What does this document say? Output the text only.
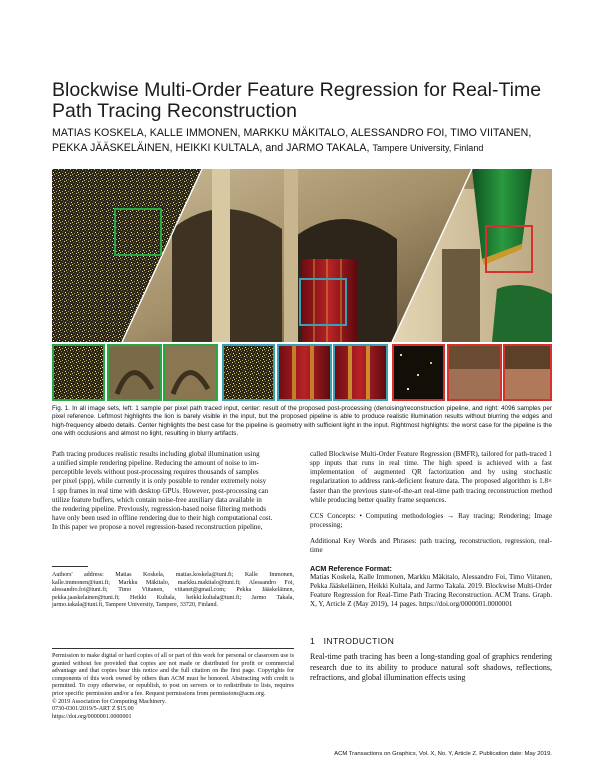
Blockwise Multi-Order Feature Regression for Real-Time Path Tracing Reconstruction
MATIAS KOSKELA, KALLE IMMONEN, MARKKU MÄKITALO, ALESSANDRO FOI, TIMO VIITANEN,
PEKKA JÄÄSKELÄINEN, HEIKKI KULTALA, and JARMO TAKALA, Tampere University, Finland
Fig. 1. In all image sets, left: 1 sample per pixel path traced input, center: result of the proposed post-processing (denoising/reconstruction pipeline, and right: 4096 samples per pixel reference. Leftmost highlights the lion is barely visible in the input, but the proposed pipeline is able to produce realistic illumination results without blurring the edges and high-frequency albedo details. Center highlights the best case for the pipeline is geometry with sufficient light in the input. Rightmost highlights: the worst case for the pipeline is the one with occlusions and almost no light, resulting in blurry artifacts.
Path tracing produces realistic results including global illumination using
a unified simple rendering pipeline. Reducing the amount of noise to im-
perceptible levels without post-processing requires thousands of samples
per pixel (spp), while currently it is only possible to render extremely noisy
1 spp frames in real time with desktop GPUs. However, post-processing can
utilize feature buffers, which contain noise-free auxiliary data available in
the rendering pipeline. Previously, regression-based noise filtering methods
have only been used in offline rendering due to their high computational cost.
In this paper we propose a novel regression-based reconstruction pipeline,
Authors' address: Matias Koskela, matias.koskela@tuni.fi; Kalle Immonen, kalle.immonen@tuni.fi; Markku Mäkitalo, markku.makitalo@tuni.fi; Alessandro Foi, alessandro.foi@tuni.fi; Timo Viitanen, viitanet@gmail.com; Pekka Jääskeläinen, pekka.jaaskelainen@tuni.fi; Heikki Kultala, heikki.kultala@tuni.fi; Jarmo Takala, jarmo.takala@tuni.fi, Tampere University, Tampere, 33720, Finland.
Permission to make digital or hard copies of all or part of this work for personal or classroom use is granted without fee provided that copies are not made or distributed for profit or commercial advantage and that copies bear this notice and the full citation on the first page. Copyrights for components of this work owned by others than ACM must be honored. Abstracting with credit is permitted. To copy otherwise, or republish, to post on servers or to redistribute to lists, requires prior specific permission and/or a fee. Request permissions from permissions@acm.org.
© 2019 Association for Computing Machinery.
0730-0301/2019/5-ART Z $15.00
https://doi.org/0000001.0000001
called Blockwise Multi-Order Feature Regression (BMFR), tailored for path-traced 1 spp inputs that runs in real time. The high speed is achieved with a fast implementation of augmented QR factorization and by using stochastic regularization to address rank-deficient feature data. The proposed algorithm is 1.8× faster than the previous state-of-the-art real-time path tracing reconstruction method while producing better quality frame sequences.
CCS Concepts: • Computing methodologies → Ray tracing; Rendering; Image processing;
Additional Key Words and Phrases: path tracing, reconstruction, regression, real-time
ACM Reference Format:
Matias Koskela, Kalle Immonen, Markku Mäkitalo, Alessandro Foi, Timo Viitanen, Pekka Jääskeläinen, Heikki Kultala, and Jarmo Takala. 2019. Blockwise Multi-Order Feature Regression for Real-Time Path Tracing Reconstruction. ACM Trans. Graph. X, Y, Article Z (May 2019), 14 pages. https://doi.org/0000001.0000001
1 INTRODUCTION
Real-time path tracing has been a long-standing goal of graphics rendering research due to its ability to produce natural soft shadows, reflections, refractions, and global illumination effects using
ACM Transactions on Graphics, Vol. X, No. Y, Article Z. Publication date: May 2019.
